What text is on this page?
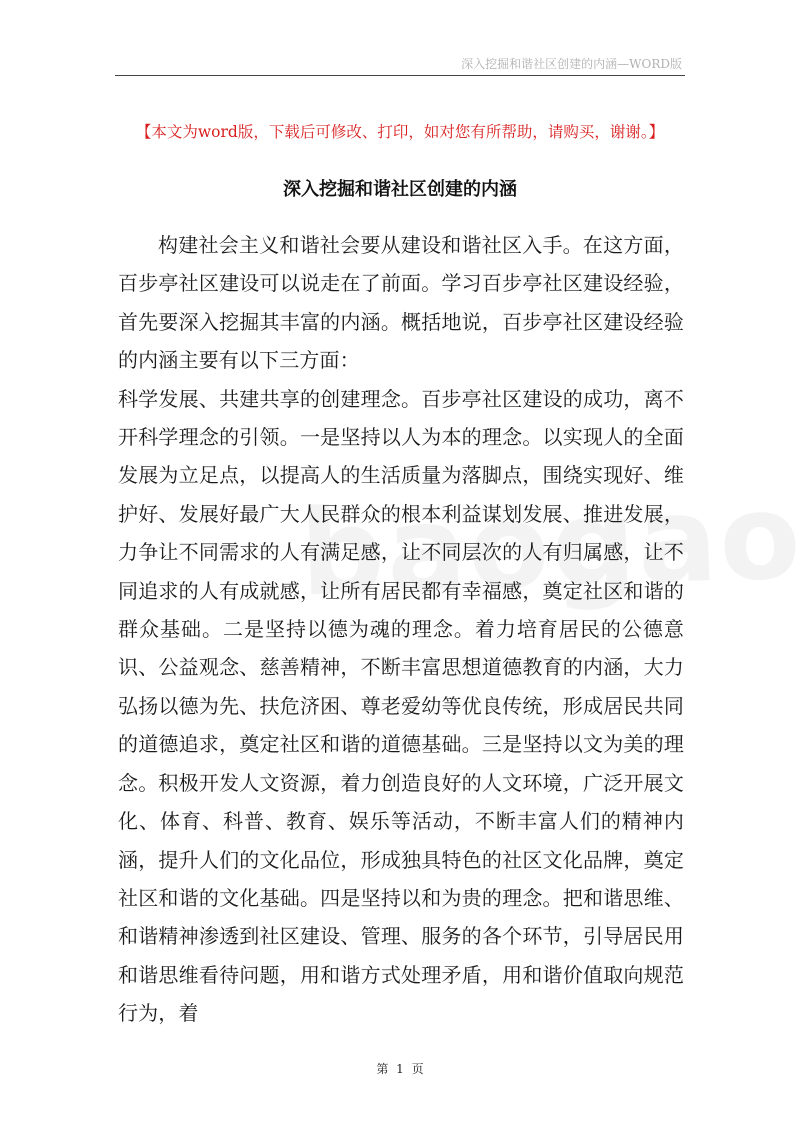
深入挖掘和谐社区创建的内涵—WORD版
【本文为word版，下载后可修改、打印，如对您有所帮助，请购买，谢谢。】
深入挖掘和谐社区创建的内涵

构建社会主义和谐社会要从建设和谐社区入手。在这方面，百步亭社区建设可以说走在了前面。学习百步亭社区建设经验，首先要深入挖掘其丰富的内涵。概括地说，百步亭社区建设经验的内涵主要有以下三方面：

科学发展、共建共享的创建理念。百步亭社区建设的成功，离不开科学理念的引领。一是坚持以人为本的理念。以实现人的全面发展为立足点，以提高人的生活质量为落脚点，围绕实现好、维护好、发展好最广大人民群众的根本利益谋划发展、推进发展，力争让不同需求的人有满足感，让不同层次的人有归属感，让不同追求的人有成就感，让所有居民都有幸福感，奠定社区和谐的群众基础。二是坚持以德为魂的理念。着力培育居民的公德意识、公益观念、慈善精神，不断丰富思想道德教育的内涵，大力弘扬以德为先、扶危济困、尊老爱幼等优良传统，形成居民共同的道德追求，奠定社区和谐的道德基础。三是坚持以文为美的理念。积极开发人文资源，着力创造良好的人文环境，广泛开展文化、体育、科普、教育、娱乐等活动，不断丰富人们的精神内涵，提升人们的文化品位，形成独具特色的社区文化品牌，奠定社区和谐的文化基础。四是坚持以和为贵的理念。把和谐思维、和谐精神渗透到社区建设、管理、服务的各个环节，引导居民用和谐思维看待问题，用和谐方式处理矛盾，用和谐价值取向规范行为，着

第 1 页
